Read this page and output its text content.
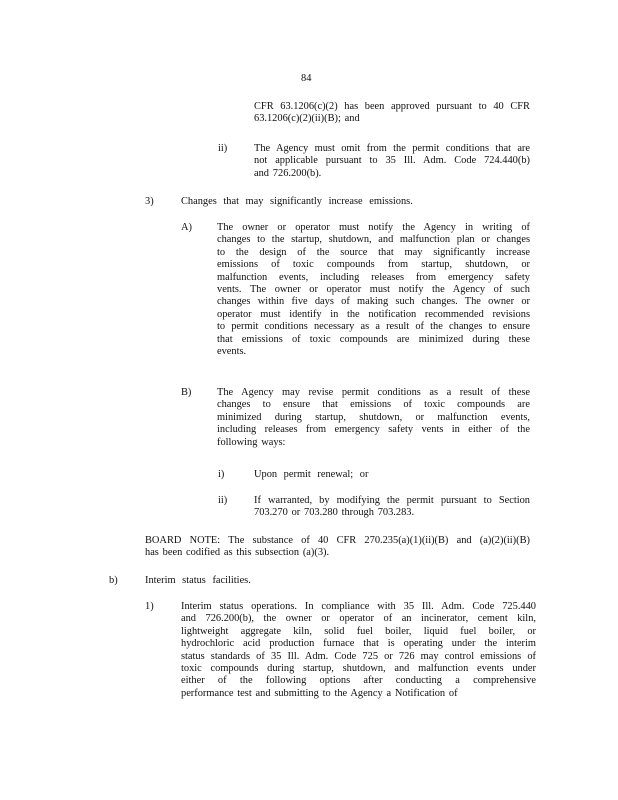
84
CFR 63.1206(c)(2) has been approved pursuant to 40 CFR
63.1206(c)(2)(ii)(B); and
ii)	The Agency must omit from the permit conditions that are
not applicable pursuant to 35 Ill. Adm. Code 724.440(b)
and 726.200(b).
3)	Changes that may significantly increase emissions.
A) The owner or operator must notify the Agency in writing of
changes to the startup, shutdown, and malfunction plan or changes
to the design of the source that may significantly increase
emissions of toxic compounds from startup, shutdown, or
malfunction events, including releases from emergency safety
vents. The owner or operator must notify the Agency of such
changes within five days of making such changes. The owner or
operator must identify in the notification recommended revisions
to permit conditions necessary as a result of the changes to ensure
that emissions of toxic compounds are minimized during these
events.
B) The Agency may revise permit conditions as a result of these
changes to ensure that emissions of toxic compounds are
minimized during startup, shutdown, or malfunction events,
including releases from emergency safety vents in either of the
following ways:
i)	Upon permit renewal; or
ii)	If warranted, by modifying the permit pursuant to Section
703.270 or 703.280 through 703.283.
BOARD NOTE: The substance of 40 CFR 270.235(a)(1)(ii)(B) and (a)(2)(ii)(B)
has been codified as this subsection (a)(3).
b)	Interim status facilities.
1)	Interim status operations. In compliance with 35 Ill. Adm. Code 725.440
and 726.200(b), the owner or operator of an incinerator, cement kiln,
lightweight aggregate kiln, solid fuel boiler, liquid fuel boiler, or
hydrochloric acid production furnace that is operating under the interim
status standards of 35 Ill. Adm. Code 725 or 726 may control emissions of
toxic compounds during startup, shutdown, and malfunction events under
either of the following options after conducting a comprehensive
performance test and submitting to the Agency a Notification of
